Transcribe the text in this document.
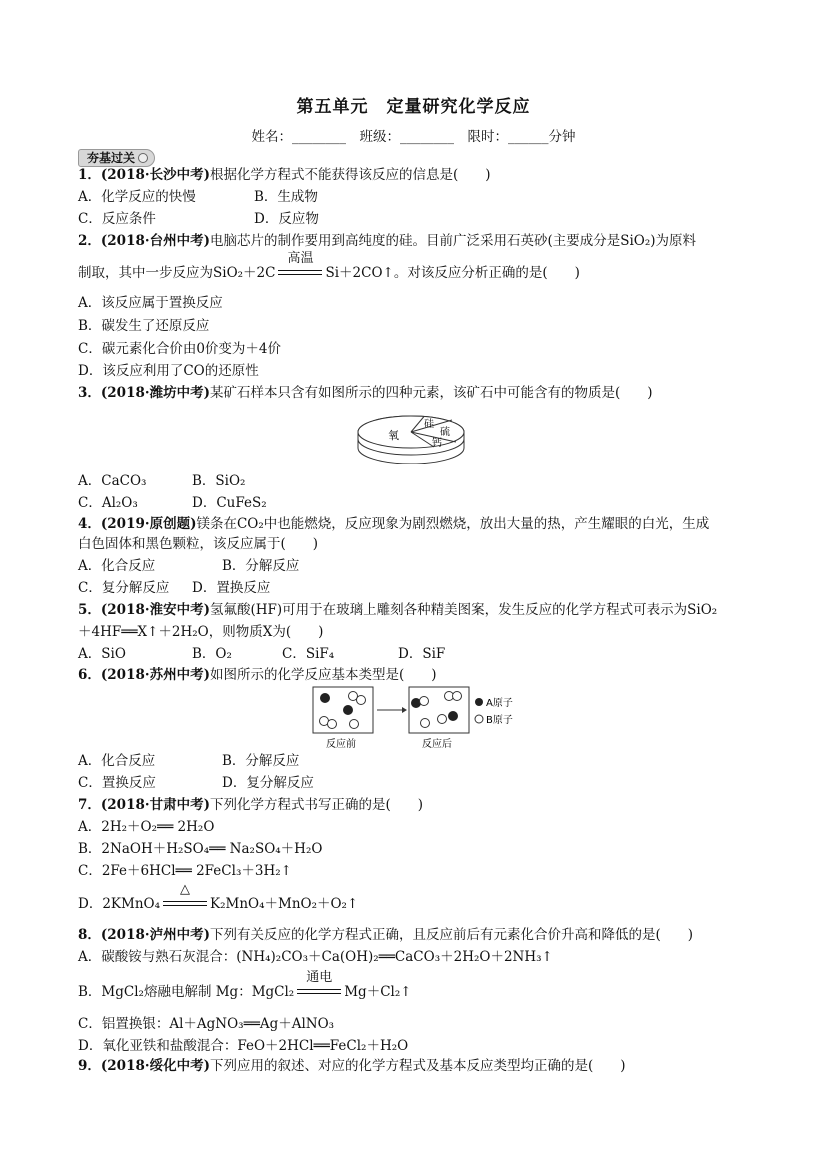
第五单元　定量研究化学反应
姓名：________　班级：________　限时：______分钟
夯基过关
1．(2018·长沙中考)根据化学方程式不能获得该反应的信息是(　　)
A．化学反应的快慢	B．生成物
C．反应条件	D．反应物
2．(2018·台州中考)电脑芯片的制作要用到高纯度的硅。目前广泛采用石英砂(主要成分是SiO₂)为原料
制取，其中一步反应为SiO₂＋2C
高温
Si＋2CO↑。对该反应分析正确的是(　　)
A．该反应属于置换反应
B．碳发生了还原反应
C．碳元素化合价由0价变为＋4价
D．该反应利用了CO的还原性
3．(2018·潍坊中考)某矿石样本只含有如图所示的四种元素，该矿石中可能含有的物质是(　　)
氧
硅
硫
钙
A．CaCO₃	B．SiO₂
C．Al₂O₃	D．CuFeS₂
4．(2019·原创题)镁条在CO₂中也能燃烧，反应现象为剧烈燃烧，放出大量的热，产生耀眼的白光，生成
白色固体和黑色颗粒，该反应属于(　　)
A．化合反应	B．分解反应
C．复分解反应 D．置换反应
5．(2018·淮安中考)氢氟酸(HF)可用于在玻璃上雕刻各种精美图案，发生反应的化学方程式可表示为SiO₂
＋4HF══X↑＋2H₂O，则物质X为(　　)
A．SiO	B．O₂	C．SiF₄	D．SiF
6．(2018·苏州中考)如图所示的化学反应基本类型是(　　)
A原子
B原子
反应前	反应后
A．化合反应	B．分解反应
C．置换反应	D．复分解反应
7．(2018·甘肃中考)下列化学方程式书写正确的是(　　)
A．2H₂＋O₂══ 2H₂O
B．2NaOH＋H₂SO₄══ Na₂SO₄＋H₂O
C．2Fe＋6HCl══ 2FeCl₃＋3H₂↑
D．2KMnO₄
△
K₂MnO₄＋MnO₂＋O₂↑
8．(2018·泸州中考)下列有关反应的化学方程式正确，且反应前后有元素化合价升高和降低的是(　　)
A．碳酸铵与熟石灰混合：(NH₄)₂CO₃＋Ca(OH)₂══CaCO₃＋2H₂O＋2NH₃↑
B．MgCl₂熔融电解制 Mg：MgCl₂
通电
Mg＋Cl₂↑
C．铝置换银：Al＋AgNO₃══Ag＋AlNO₃
D．氧化亚铁和盐酸混合：FeO＋2HCl══FeCl₂＋H₂O
9．(2018·绥化中考)下列应用的叙述、对应的化学方程式及基本反应类型均正确的是(　　)
